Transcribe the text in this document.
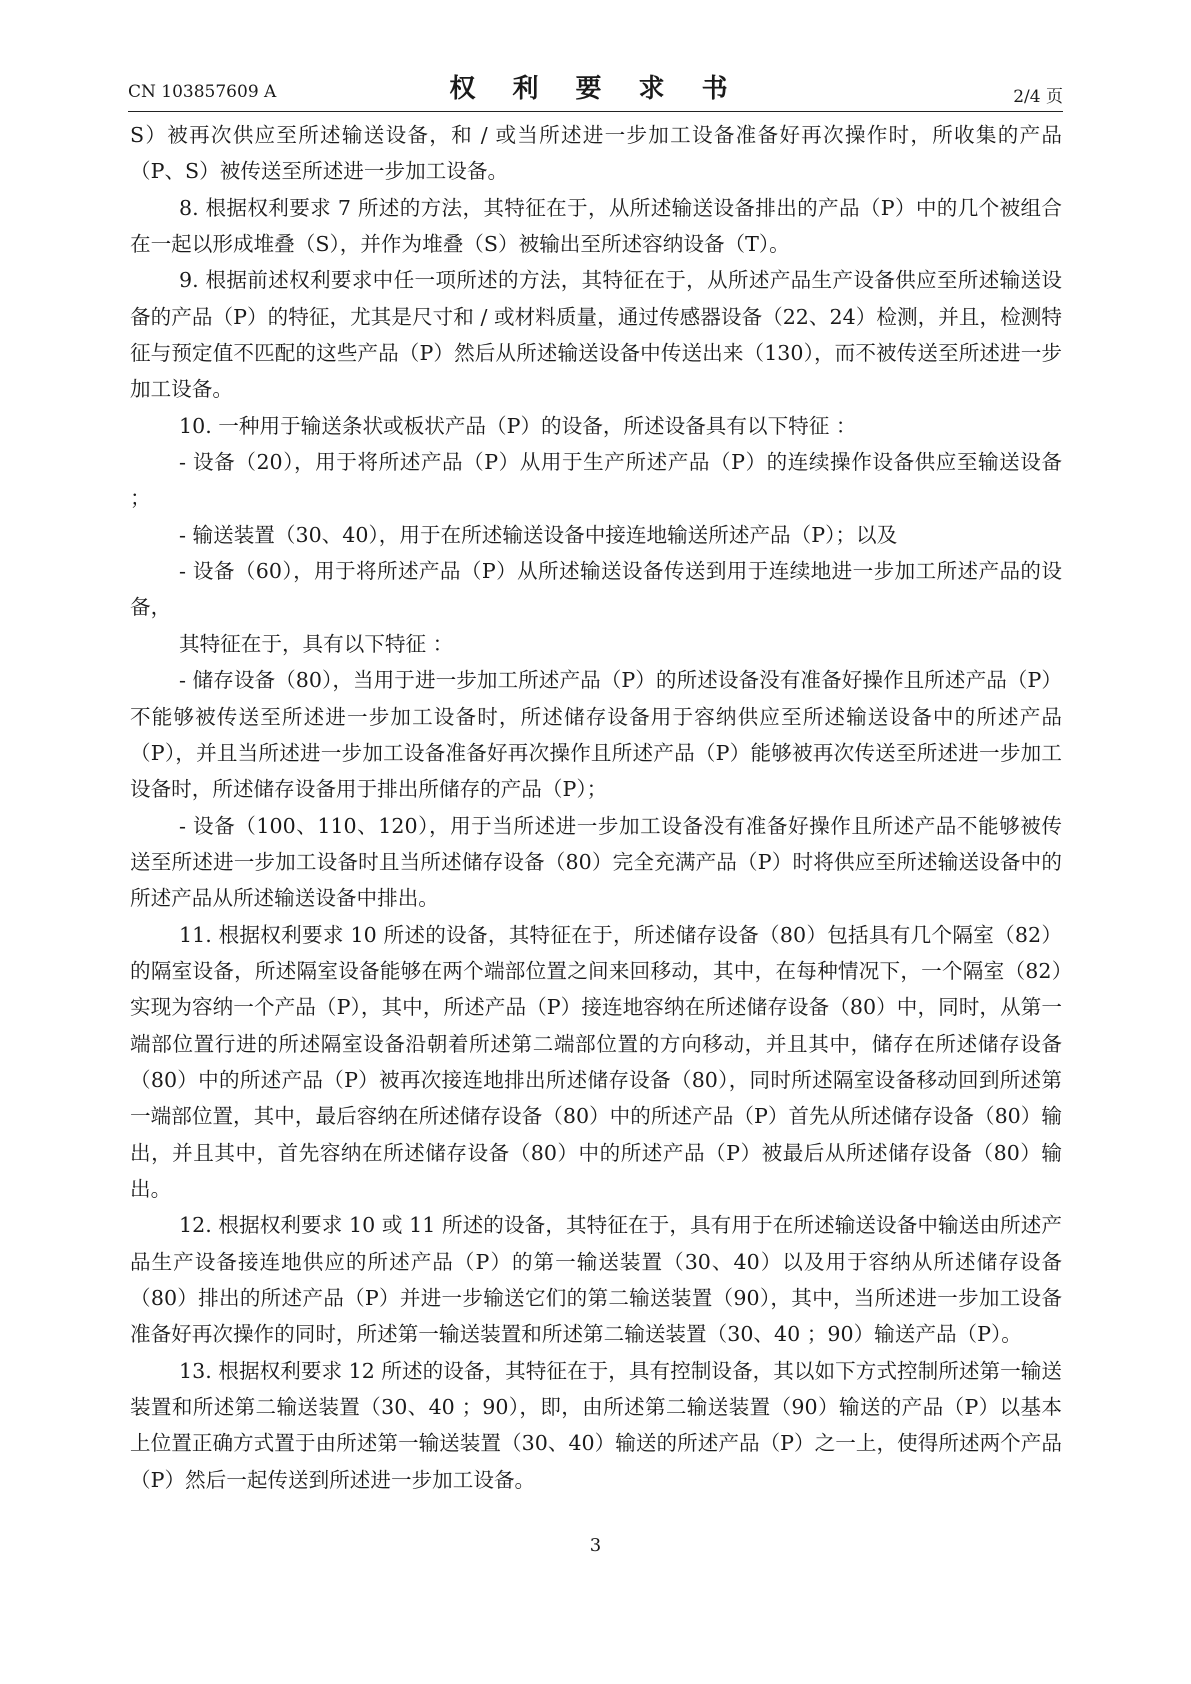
CN 103857609 A	权 利 要 求 书	2/4 页

S）被再次供应至所述输送设备，和 / 或当所述进一步加工设备准备好再次操作时，所收集的产品（P、S）被传送至所述进一步加工设备。

8. 根据权利要求 7 所述的方法，其特征在于，从所述输送设备排出的产品（P）中的几个被组合在一起以形成堆叠（S），并作为堆叠（S）被输出至所述容纳设备（T）。

9. 根据前述权利要求中任一项所述的方法，其特征在于，从所述产品生产设备供应至所述输送设备的产品（P）的特征，尤其是尺寸和 / 或材料质量，通过传感器设备（22、24）检测，并且，检测特征与预定值不匹配的这些产品（P）然后从所述输送设备中传送出来（130），而不被传送至所述进一步加工设备。

10. 一种用于输送条状或板状产品（P）的设备，所述设备具有以下特征 ：

- 设备（20），用于将所述产品（P）从用于生产所述产品（P）的连续操作设备供应至输送设备 ；

- 输送装置（30、40），用于在所述输送设备中接连地输送所述产品（P）；以及

- 设备（60），用于将所述产品（P）从所述输送设备传送到用于连续地进一步加工所述产品的设备，

其特征在于，具有以下特征 ：

- 储存设备（80），当用于进一步加工所述产品（P）的所述设备没有准备好操作且所述产品（P）不能够被传送至所述进一步加工设备时，所述储存设备用于容纳供应至所述输送设备中的所述产品（P），并且当所述进一步加工设备准备好再次操作且所述产品（P）能够被再次传送至所述进一步加工设备时，所述储存设备用于排出所储存的产品（P）；

- 设备（100、110、120），用于当所述进一步加工设备没有准备好操作且所述产品不能够被传送至所述进一步加工设备时且当所述储存设备（80）完全充满产品（P）时将供应至所述输送设备中的所述产品从所述输送设备中排出。

11. 根据权利要求 10 所述的设备，其特征在于，所述储存设备（80）包括具有几个隔室（82）的隔室设备，所述隔室设备能够在两个端部位置之间来回移动，其中，在每种情况下，一个隔室（82）实现为容纳一个产品（P），其中，所述产品（P）接连地容纳在所述储存设备（80）中，同时，从第一端部位置行进的所述隔室设备沿朝着所述第二端部位置的方向移动，并且其中，储存在所述储存设备（80）中的所述产品（P）被再次接连地排出所述储存设备（80），同时所述隔室设备移动回到所述第一端部位置，其中，最后容纳在所述储存设备（80）中的所述产品（P）首先从所述储存设备（80）输出，并且其中，首先容纳在所述储存设备（80）中的所述产品（P）被最后从所述储存设备（80）输出。

12. 根据权利要求 10 或 11 所述的设备，其特征在于，具有用于在所述输送设备中输送由所述产品生产设备接连地供应的所述产品（P）的第一输送装置（30、40）以及用于容纳从所述储存设备（80）排出的所述产品（P）并进一步输送它们的第二输送装置（90），其中，当所述进一步加工设备准备好再次操作的同时，所述第一输送装置和所述第二输送装置（30、40 ；90）输送产品（P）。

13. 根据权利要求 12 所述的设备，其特征在于，具有控制设备，其以如下方式控制所述第一输送装置和所述第二输送装置（30、40 ；90），即，由所述第二输送装置（90）输送的产品（P）以基本上位置正确方式置于由所述第一输送装置（30、40）输送的所述产品（P）之一上，使得所述两个产品（P）然后一起传送到所述进一步加工设备。

3
